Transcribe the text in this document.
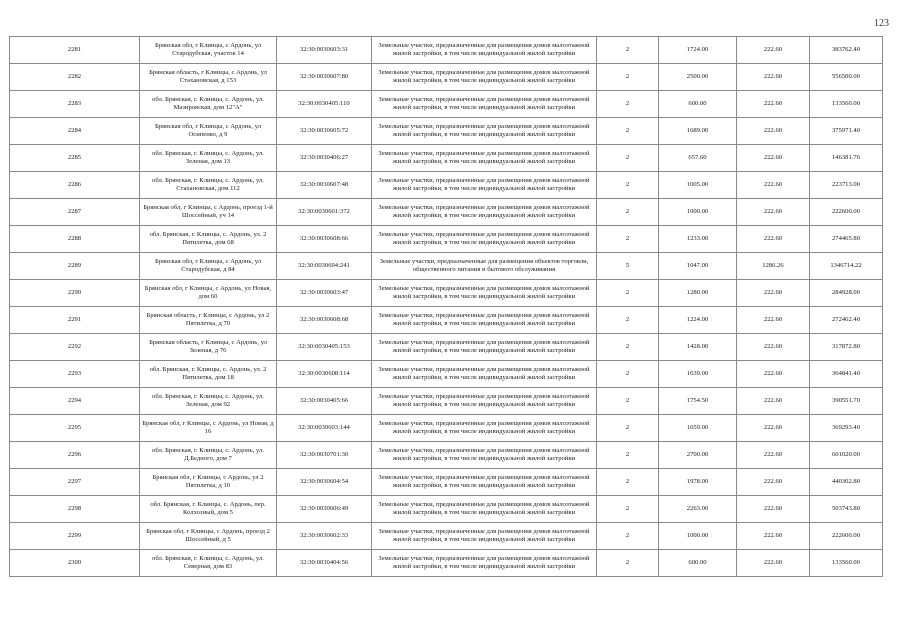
123
2281	Брянская обл, г Клинцы, с Ардонь, ул Стародубская, участок 14	32:30:0030603:31	Земельные участки, предназначенные для размещения домов малоэтажной жилой застройки, в том числе индивидуальной жилой застройки	2	1724.00	222.60	383762.40
2282	Брянская область, г Клинцы, с Ардонь, ул Стахановская, д 153	32:30:0030607:80	Земельные участки, предназначенные для размещения домов малоэтажной жилой застройки, в том числе индивидуальной жилой застройки	2	2500.00	222.60	556500.00
2283	обл. Брянская, г. Клинцы, с. Ардонь, ул. Мазировская, дом 12"А"	32:30:0030405:110	Земельные участки, предназначенные для размещения домов малоэтажной жилой застройки, в том числе индивидуальной жилой застройки	2	600.00	222.60	133560.00
2284	Брянская обл, г Клинцы, с Ардонь, ул Осипенко, д 9	32:30:0030605:72	Земельные участки, предназначенные для размещения домов малоэтажной жилой застройки, в том числе индивидуальной жилой застройки	2	1689.00	222.60	375971.40
2285	обл. Брянская, г. Клинцы, с. Ардонь, ул. Зеленая, дом 13	32:30:0030406:27	Земельные участки, предназначенные для размещения домов малоэтажной жилой застройки, в том числе индивидуальной жилой застройки	2	657.60	222.60	146381.76
2286	обл. Брянская, г. Клинцы, с. Ардонь, ул. Стахановская, дом 112	32:30:0030607:48	Земельные участки, предназначенные для размещения домов малоэтажной жилой застройки, в том числе индивидуальной жилой застройки	2	1005.00	222.60	223713.00
2287	Брянская обл, г Клинцы, с Ардонь, проезд 1-й Шоссейный, уч 14	32:30:0030601:372	Земельные участки, предназначенные для размещения домов малоэтажной жилой застройки, в том числе индивидуальной жилой застройки	2	1000.00	222.60	222600.00
2288	обл. Брянская, г. Клинцы, с. Ардонь, ул. 2 Пятилетка, дом 68	32:30:0030608:66	Земельные участки, предназначенные для размещения домов малоэтажной жилой застройки, в том числе индивидуальной жилой застройки	2	1233.00	222.60	274465.80
2289	Брянская обл, г Клинцы, с Ардонь, ул Стародубская, д 84	32:30:0030604:241	Земельные участки, предназначенные для размещения объектов торговли, общественного питания и бытового обслуживания	5	1047.00	1286.26	1346714.22
2290	Брянская обл, г Клинцы, с Ардонь, ул Новая, дом 60	32:30:0030603:47	Земельные участки, предназначенные для размещения домов малоэтажной жилой застройки, в том числе индивидуальной жилой застройки	2	1280.00	222.60	284928.00
2291	Брянская область, г Клинцы, с Ардонь, ул 2 Пятилетка, д 70	32:30:0030608:68	Земельные участки, предназначенные для размещения домов малоэтажной жилой застройки, в том числе индивидуальной жилой застройки	2	1224.00	222.60	272462.40
2292	Брянская область, г Клинцы, с Ардонь, ул Зеленая, д 76	32:30:0030405:153	Земельные участки, предназначенные для размещения домов малоэтажной жилой застройки, в том числе индивидуальной жилой застройки	2	1428.00	222.60	317872.80
2293	обл. Брянская, г. Клинцы, с. Ардонь, ул. 2 Пятилетка, дом 18	32:30:0030608:114	Земельные участки, предназначенные для размещения домов малоэтажной жилой застройки, в том числе индивидуальной жилой застройки	2	1639.00	222.60	364841.40
2294	обл. Брянская, г. Клинцы, с. Ардонь, ул. Зеленая, дом 92	32:30:0030405:66	Земельные участки, предназначенные для размещения домов малоэтажной жилой застройки, в том числе индивидуальной жилой застройки	2	1754.50	222.60	390551.70
2295	Брянская обл, г Клинцы, с Ардонь, ул Новая, д 16	32:30:0030603:144	Земельные участки, предназначенные для размещения домов малоэтажной жилой застройки, в том числе индивидуальной жилой застройки	2	1659.00	222.60	369293.40
2296	обл. Брянская, г. Клинцы, с. Ардонь, ул. Д.Бедного, дом 7	32:30:0030701:30	Земельные участки, предназначенные для размещения домов малоэтажной жилой застройки, в том числе индивидуальной жилой застройки	2	2700.00	222.60	601020.00
2297	Брянская обл, г Клинцы, с Ардонь, ул 2 Пятилетка, д 10	32:30:0030604:54	Земельные участки, предназначенные для размещения домов малоэтажной жилой застройки, в том числе индивидуальной жилой застройки	2	1978.00	222.60	440302.80
2298	обл. Брянская, г. Клинцы, с. Ардонь, пер. Колхозный, дом 5	32:30:0030606:49	Земельные участки, предназначенные для размещения домов малоэтажной жилой застройки, в том числе индивидуальной жилой застройки	2	2263.00	222.60	503743.80
2299	Брянская обл, г Клинцы, с Ардонь, проезд 2 Шоссейный, д 5	32:30:0030602:33	Земельные участки, предназначенные для размещения домов малоэтажной жилой застройки, в том числе индивидуальной жилой застройки	2	1000.00	222.60	222600.00
2300	обл. Брянская, г. Клинцы, с. Ардонь, ул. Северная, дом 83	32:30:0030404:56	Земельные участки, предназначенные для размещения домов малоэтажной жилой застройки, в том числе индивидуальной жилой застройки	2	600.00	222.60	133560.00
